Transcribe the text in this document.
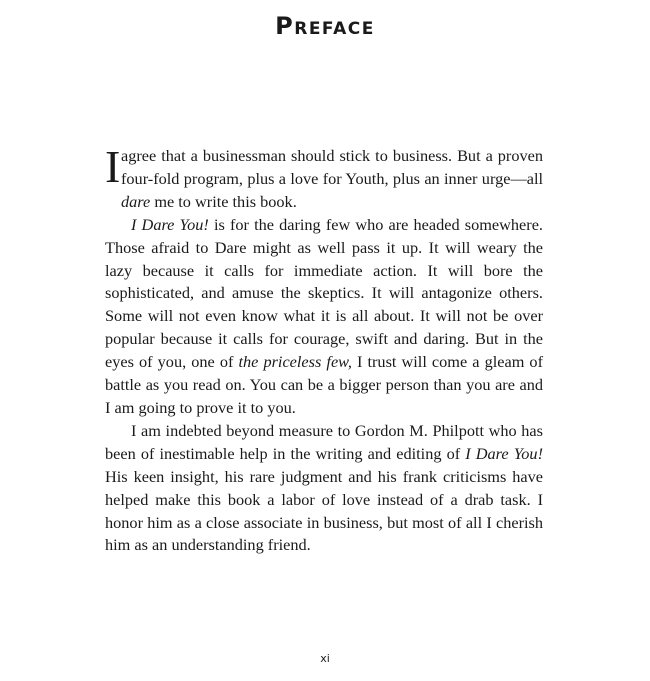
Preface

I agree that a businessman should stick to business. But a proven four-fold program, plus a love for Youth, plus an inner urge—all dare me to write this book.

I Dare You! is for the daring few who are headed somewhere. Those afraid to Dare might as well pass it up. It will weary the lazy because it calls for immediate action. It will bore the sophisticated, and amuse the skeptics. It will antagonize others. Some will not even know what it is all about. It will not be over popular because it calls for courage, swift and daring. But in the eyes of you, one of the priceless few, I trust will come a gleam of battle as you read on. You can be a bigger person than you are and I am going to prove it to you.

I am indebted beyond measure to Gordon M. Philpott who has been of inestimable help in the writing and editing of I Dare You! His keen insight, his rare judgment and his frank criticisms have helped make this book a labor of love instead of a drab task. I honor him as a close associate in business, but most of all I cherish him as an understanding friend.

xi
